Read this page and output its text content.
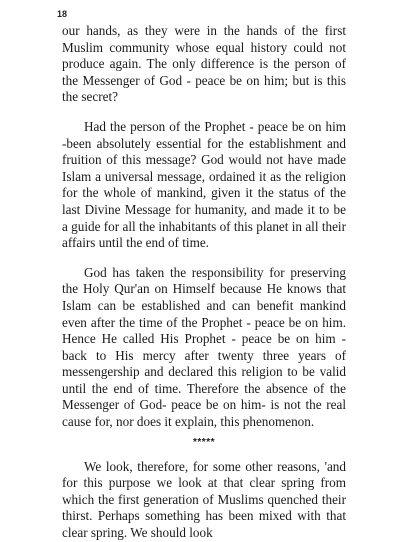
18

our hands, as they were in the hands of the first Muslim community whose equal history could not produce again. The only difference is the person of the Messenger of God - peace be on him; but is this the secret?

Had the person of the Prophet - peace be on him -been absolutely essential for the establishment and fruition of this message? God would not have made Islam a universal message, ordained it as the religion for the whole of mankind, given it the status of the last Divine Message for humanity, and made it to be a guide for all the inhabitants of this planet in all their affairs until the end of time.

God has taken the responsibility for preserving the Holy Qur'an on Himself because He knows that Islam can be established and can benefit mankind even after the time of the Prophet - peace be on him. Hence He called His Prophet - peace be on him - back to His mercy after twenty three years of messengership and declared this religion to be valid until the end of time. Therefore the absence of the Messenger of God- peace be on him- is not the real cause for, nor does it explain, this phenomenon.

*****

We look, therefore, for some other reasons, 'and for this purpose we look at that clear spring from which the first generation of Muslims quenched their thirst. Perhaps something has been mixed with that clear spring. We should look
